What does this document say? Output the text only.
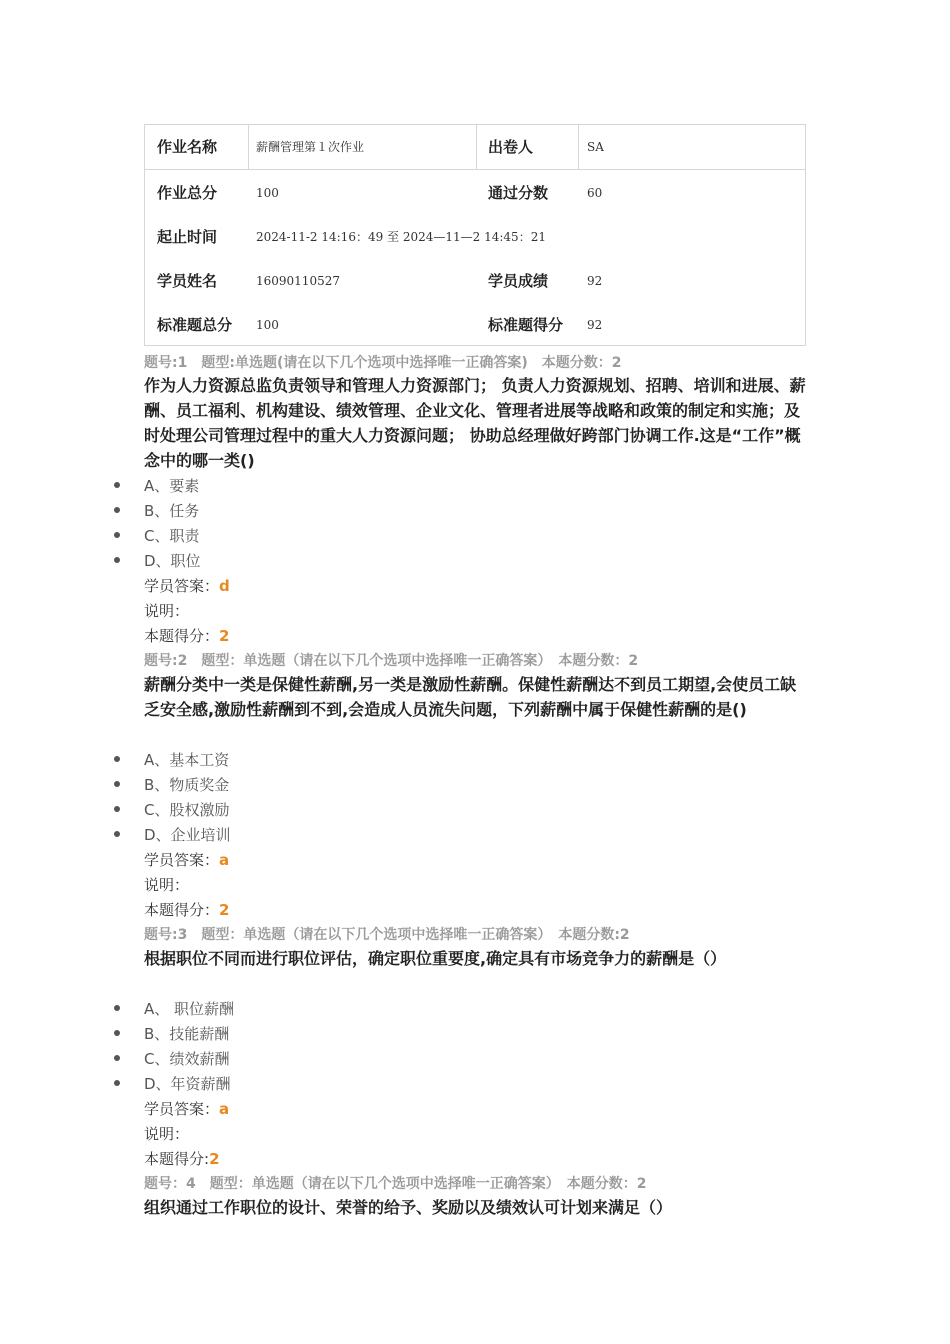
作业名称	薪酬管理第１次作业	出卷人	SA
作业总分	100	通过分数	60
起止时间	2024-11-2 14:16：49 至 2024—11—2 14:45：21
学员姓名	16090110527	学员成绩	92
标准题总分 100	标准题得分 92
题号:1　题型:单选题(请在以下几个选项中选择唯一正确答案)　本题分数：2
作为人力资源总监负责领导和管理人力资源部门； 负责人力资源规划、招聘、培训和进展、薪酬、员工福利、机构建设、绩效管理、企业文化、管理者进展等战略和政策的制定和实施；及时处理公司管理过程中的重大人力资源问题； 协助总经理做好跨部门协调工作.这是“工作”概念中的哪一类()
A、要素
B、任务
C、职责
D、职位
学员答案：d
说明：
本题得分：2
题号:2　题型：单选题（请在以下几个选项中选择唯一正确答案）　本题分数：2
薪酬分类中一类是保健性薪酬,另一类是激励性薪酬。保健性薪酬达不到员工期望,会使员工缺乏安全感,激励性薪酬到不到,会造成人员流失问题，下列薪酬中属于保健性薪酬的是()
A、基本工资
B、物质奖金
C、股权激励
D、企业培训
学员答案：a
说明：
本题得分：2
题号:3　题型：单选题（请在以下几个选项中选择唯一正确答案）　本题分数:2
根据职位不同而进行职位评估，确定职位重要度,确定具有市场竞争力的薪酬是（）
A、 职位薪酬
B、技能薪酬
C、绩效薪酬
D、年资薪酬
学员答案：a
说明：
本题得分:2
题号：4　题型：单选题（请在以下几个选项中选择唯一正确答案）　本题分数：2
组织通过工作职位的设计、荣誉的给予、奖励以及绩效认可计划来满足（）
